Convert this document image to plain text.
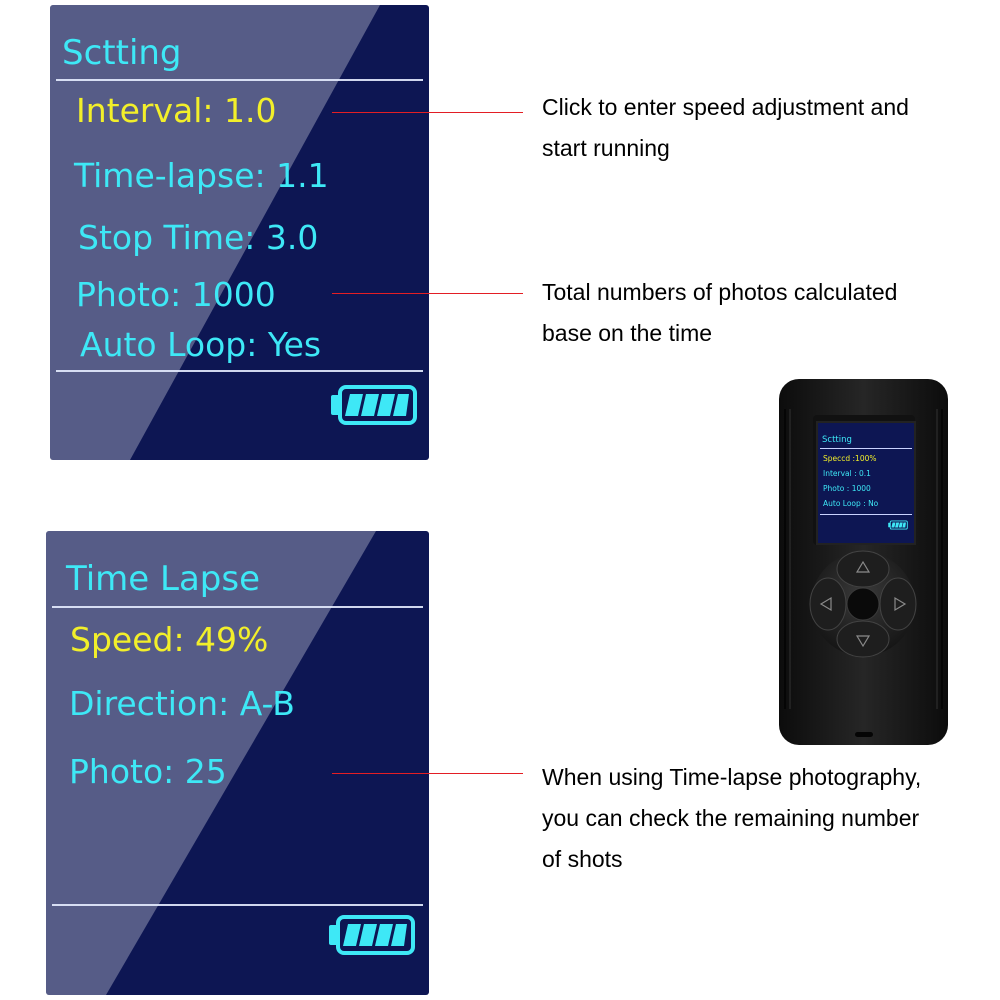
Sctting
Interval: 1.0
Time-lapse: 1.1
Stop Time: 3.0
Photo: 1000
Auto Loop: Yes
Time Lapse
Speed: 49%
Direction: A-B
Photo: 25
Click to enter speed adjustment and
start running
Total numbers of photos calculated
base on the time
When using Time-lapse photography,
you can check the remaining number
of shots
Sctting
Speccd :100%
Interval : 0.1
Photo : 1000
Auto Loop : No
